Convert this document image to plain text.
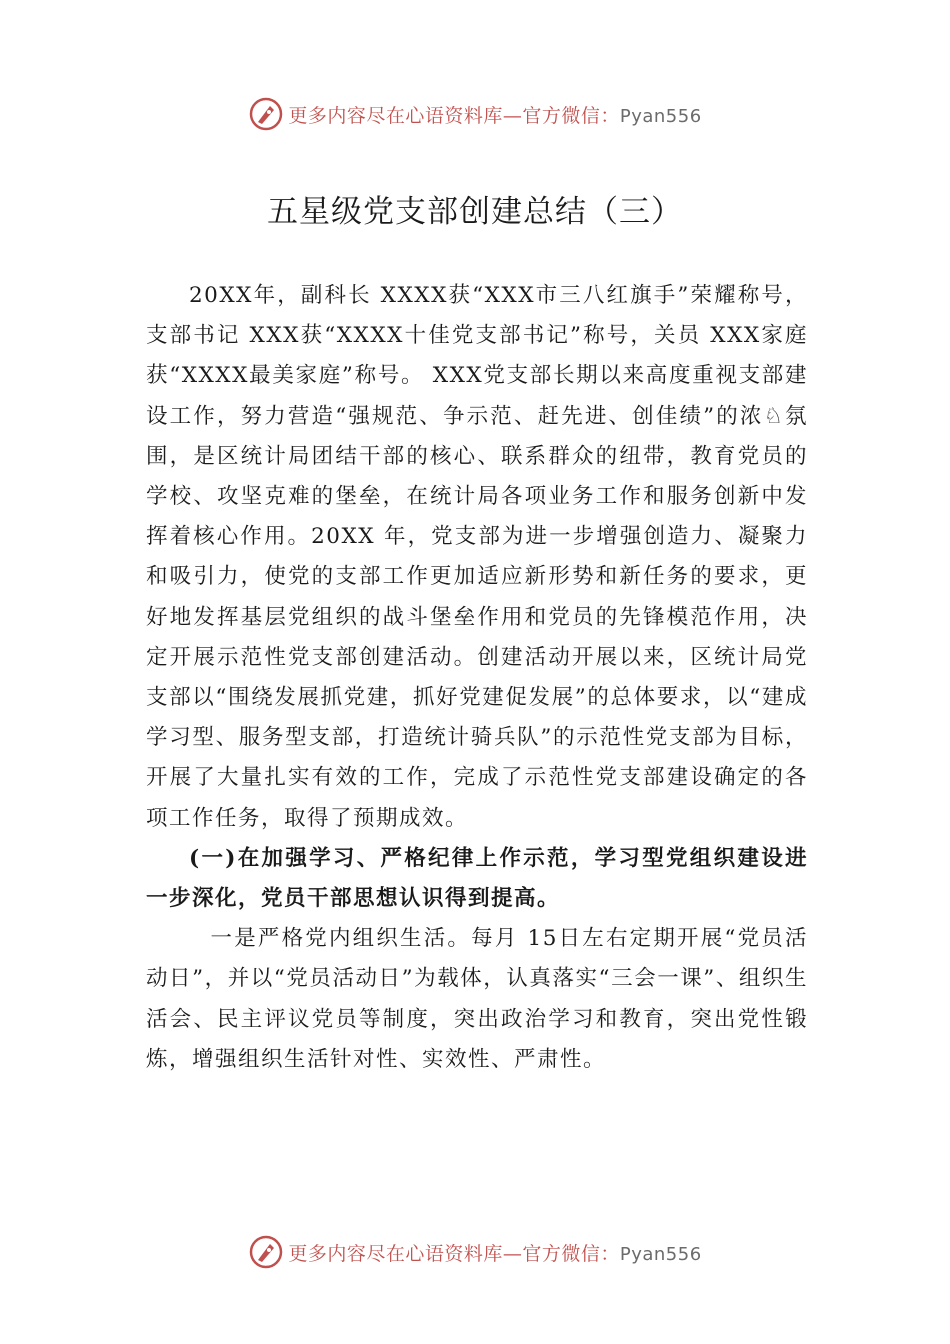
更多内容尽在心语资料库—官方微信：Pyan556
五星级党支部创建总结（三）

20XX年，副科长 XXXX获“XXX市三八红旗手”荣耀称号，支部书记 XXX获“XXXX十佳党支部书记”称号，关员 XXX家庭获“XXXX最美家庭”称号。 XXX党支部长期以来高度重视支部建设工作，努力营造“强规范、争示范、赶先进、创佳绩”的浓♘氛围，是区统计局团结干部的核心、联系群众的纽带，教育党员的学校、攻坚克难的堡垒，在统计局各项业务工作和服务创新中发挥着核心作用。20XX 年，党支部为进一步增强创造力、凝聚力和吸引力，使党的支部工作更加适应新形势和新任务的要求，更好地发挥基层党组织的战斗堡垒作用和党员的先锋模范作用，决定开展示范性党支部创建活动。创建活动开展以来，区统计局党支部以“围绕发展抓党建，抓好党建促发展”的总体要求，以“建成学习型、服务型支部，打造统计骑兵队”的示范性党支部为目标，开展了大量扎实有效的工作，完成了示范性党支部建设确定的各项工作任务，取得了预期成效。

(一)在加强学习、严格纪律上作示范，学习型党组织建设进一步深化，党员干部思想认识得到提高。

一是严格党内组织生活。每月 15日左右定期开展“党员活动日”，并以“党员活动日”为载体，认真落实“三会一课”、组织生活会、民主评议党员等制度，突出政治学习和教育，突出党性锻炼，增强组织生活针对性、实效性、严肃性。

更多内容尽在心语资料库—官方微信：Pyan556
